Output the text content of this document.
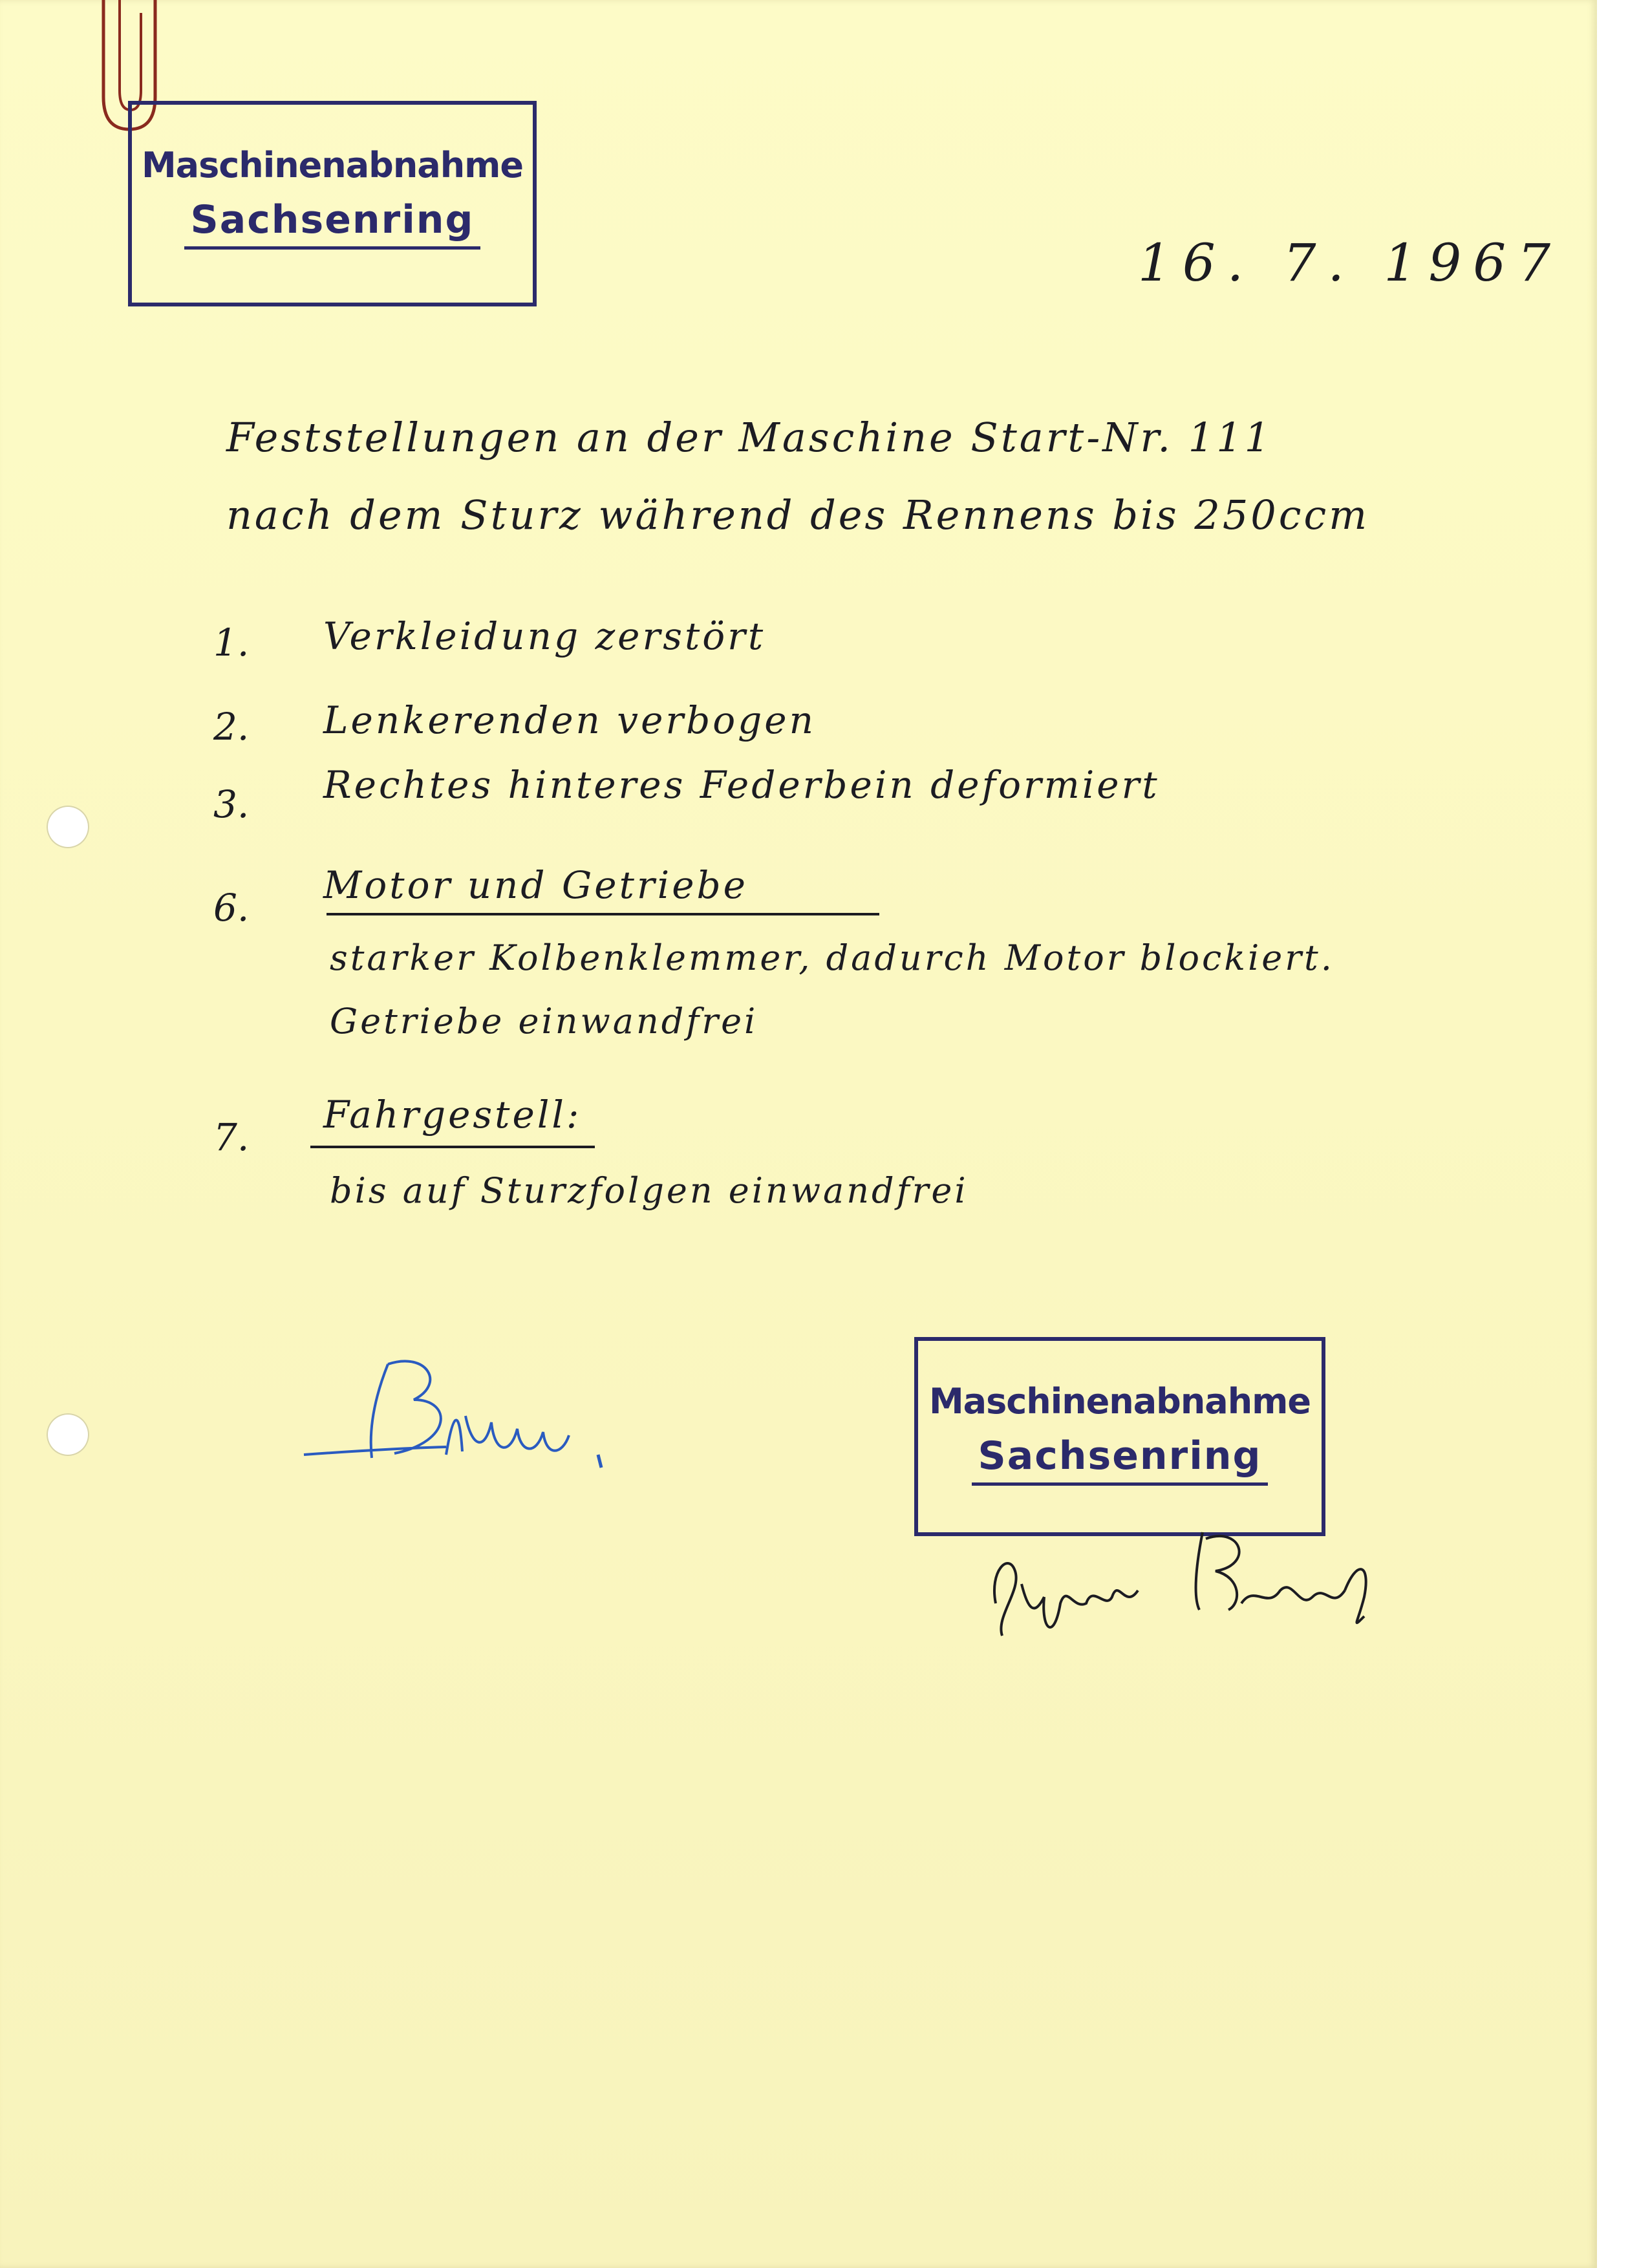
Maschinenabnahme
Sachsenring
16. 7. 1967
Feststellungen an der Maschine Start-Nr. 111
nach dem Sturz während des Rennens bis 250ccm
1. Verkleidung zerstört
2. Lenkerenden verbogen
3. Rechtes hinteres Federbein deformiert
6.
Motor und Getriebe
starker Kolbenklemmer, dadurch Motor blockiert.
Getriebe einwandfrei
7.
Fahrgestell:
bis auf Sturzfolgen einwandfrei
Maschinenabnahme
Sachsenring
